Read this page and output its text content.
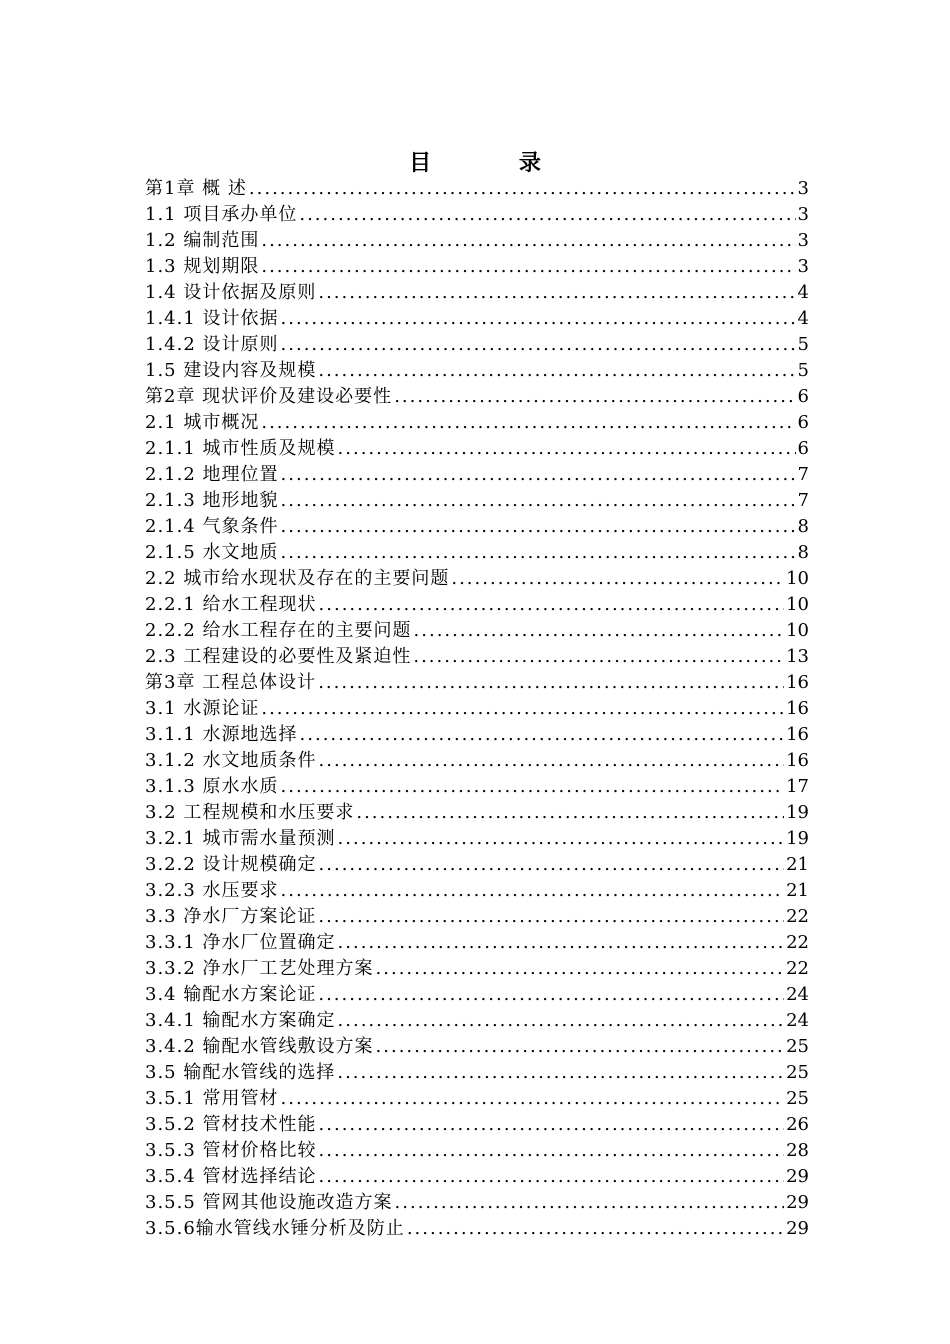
目 录
第1章 概 述 .....	3
1.1 项目承办单位 .....	3
1.2 编制范围 .....	3
1.3 规划期限 .....	3
1.4 设计依据及原则 .....	4
1.4.1 设计依据 .....	4
1.4.2 设计原则 .....	5
1.5 建设内容及规模 .....	5
第2章 现状评价及建设必要性 .....	6
2.1 城市概况 .....	6
2.1.1 城市性质及规模 .....	6
2.1.2 地理位置 .....	7
2.1.3 地形地貌 .....	7
2.1.4 气象条件 .....	8
2.1.5 水文地质 .....	8
2.2 城市给水现状及存在的主要问题 .....	10
2.2.1 给水工程现状 .....	10
2.2.2 给水工程存在的主要问题 .....	10
2.3 工程建设的必要性及紧迫性 .....	13
第3章 工程总体设计 .....	16
3.1 水源论证 .....	16
3.1.1 水源地选择 .....	16
3.1.2 水文地质条件 .....	16
3.1.3 原水水质 .....	17
3.2 工程规模和水压要求 .....	19
3.2.1 城市需水量预测 .....	19
3.2.2 设计规模确定 .....	21
3.2.3 水压要求 .....	21
3.3 净水厂方案论证 .....	22
3.3.1 净水厂位置确定 .....	22
3.3.2 净水厂工艺处理方案 .....	22
3.4 输配水方案论证 .....	24
3.4.1 输配水方案确定 .....	24
3.4.2 输配水管线敷设方案 .....	25
3.5 输配水管线的选择 .....	25
3.5.1 常用管材 .....	25
3.5.2 管材技术性能 .....	26
3.5.3 管材价格比较 .....	28
3.5.4 管材选择结论 .....	29
3.5.5 管网其他设施改造方案 .....	29
3.5.6输水管线水锤分析及防止 .....	29
